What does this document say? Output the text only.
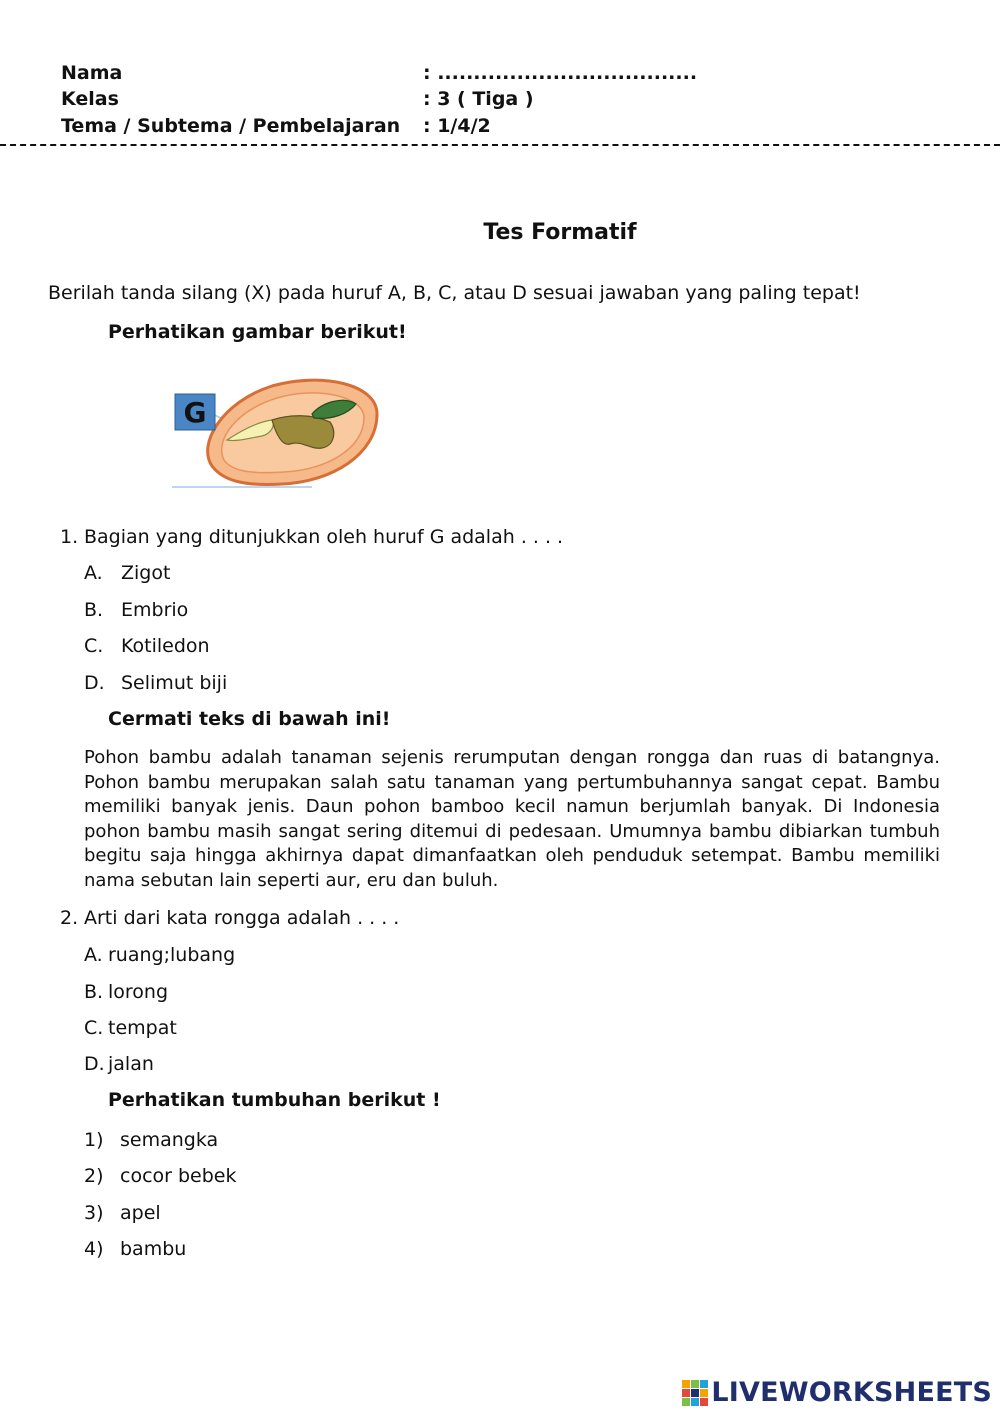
Nama	: ....................................
Kelas	: 3 ( Tiga )
Tema / Subtema / Pembelajaran : 1/4/2
Tes Formatif
Berilah tanda silang (X) pada huruf A, B, C, atau D sesuai jawaban yang paling tepat!
Perhatikan gambar berikut!
G
1. Bagian yang ditunjukkan oleh huruf G adalah . . . .
A. Zigot
B. Embrio
C. Kotiledon
D. Selimut biji
Cermati teks di bawah ini!
Pohon bambu adalah tanaman sejenis rerumputan dengan rongga dan ruas di batangnya. Pohon bambu merupakan salah satu tanaman yang pertumbuhannya sangat cepat. Bambu memiliki banyak jenis. Daun pohon bamboo kecil namun berjumlah banyak. Di Indonesia pohon bambu masih sangat sering ditemui di pedesaan. Umumnya bambu dibiarkan tumbuh begitu saja hingga akhirnya dapat dimanfaatkan oleh penduduk setempat. Bambu memiliki nama sebutan lain seperti aur, eru dan buluh.
2. Arti dari kata rongga adalah . . . .
A. ruang;lubang
B. lorong
C. tempat
D. jalan
Perhatikan tumbuhan berikut !
1) semangka
2) cocor bebek
3) apel
4) bambu
LIVEWORKSHEETS
